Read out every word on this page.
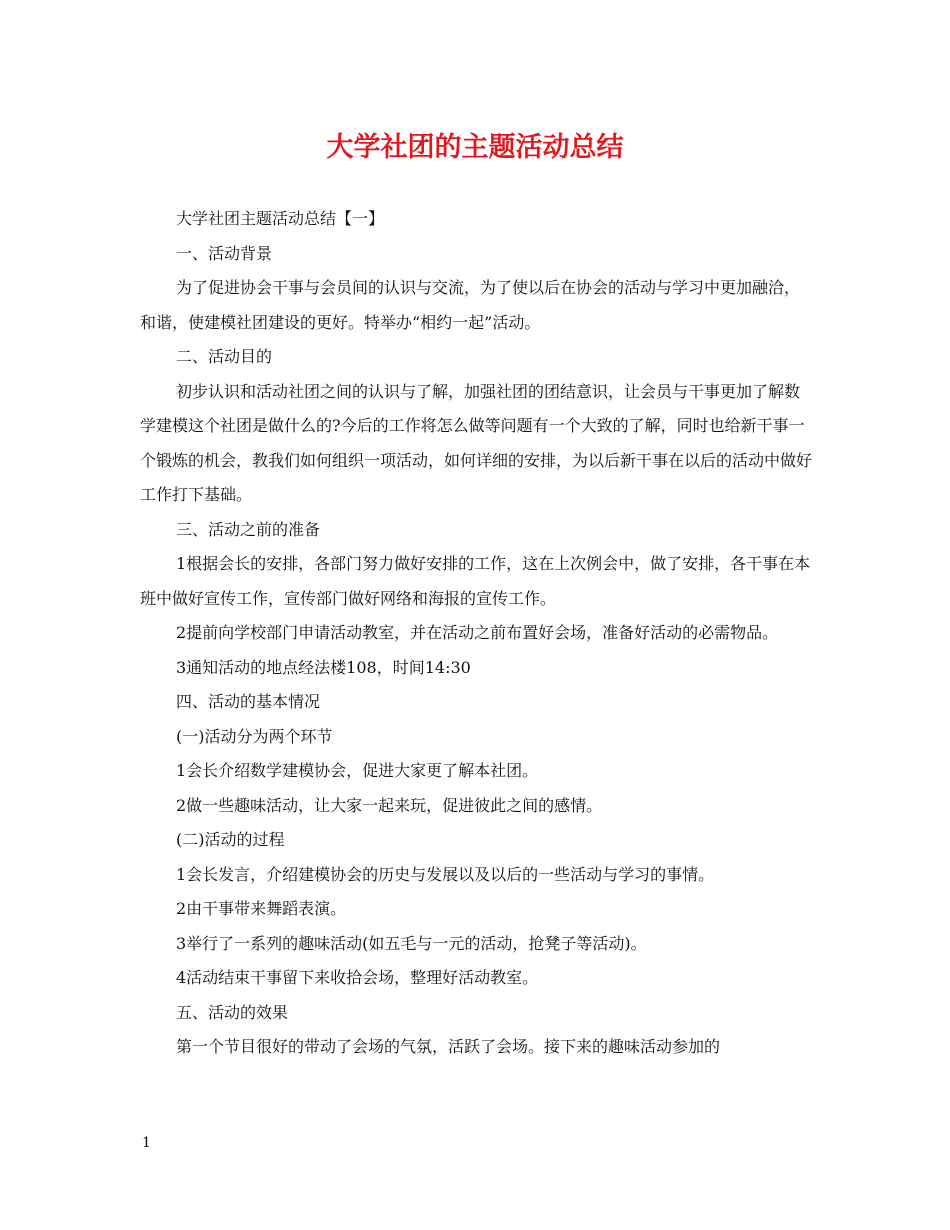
大学社团的主题活动总结

大学社团主题活动总结【一】

一、活动背景

为了促进协会干事与会员间的认识与交流，为了使以后在协会的活动与学习中更加融洽，和谐，使建模社团建设的更好。特举办“相约一起”活动。

二、活动目的

初步认识和活动社团之间的认识与了解，加强社团的团结意识，让会员与干事更加了解数学建模这个社团是做什么的?今后的工作将怎么做等问题有一个大致的了解，同时也给新干事一个锻炼的机会，教我们如何组织一项活动，如何详细的安排，为以后新干事在以后的活动中做好工作打下基础。

三、活动之前的准备

1根据会长的安排，各部门努力做好安排的工作，这在上次例会中，做了安排，各干事在本班中做好宣传工作，宣传部门做好网络和海报的宣传工作。

2提前向学校部门申请活动教室，并在活动之前布置好会场，准备好活动的必需物品。

3通知活动的地点经法楼108，时间14:30

四、活动的基本情况

(一)活动分为两个环节

1会长介绍数学建模协会，促进大家更了解本社团。

2做一些趣味活动，让大家一起来玩，促进彼此之间的感情。

(二)活动的过程

1会长发言，介绍建模协会的历史与发展以及以后的一些活动与学习的事情。

2由干事带来舞蹈表演。

3举行了一系列的趣味活动(如五毛与一元的活动，抢凳子等活动)。

4活动结束干事留下来收拾会场，整理好活动教室。

五、活动的效果

第一个节目很好的带动了会场的气氛，活跃了会场。接下来的趣味活动参加的

1
